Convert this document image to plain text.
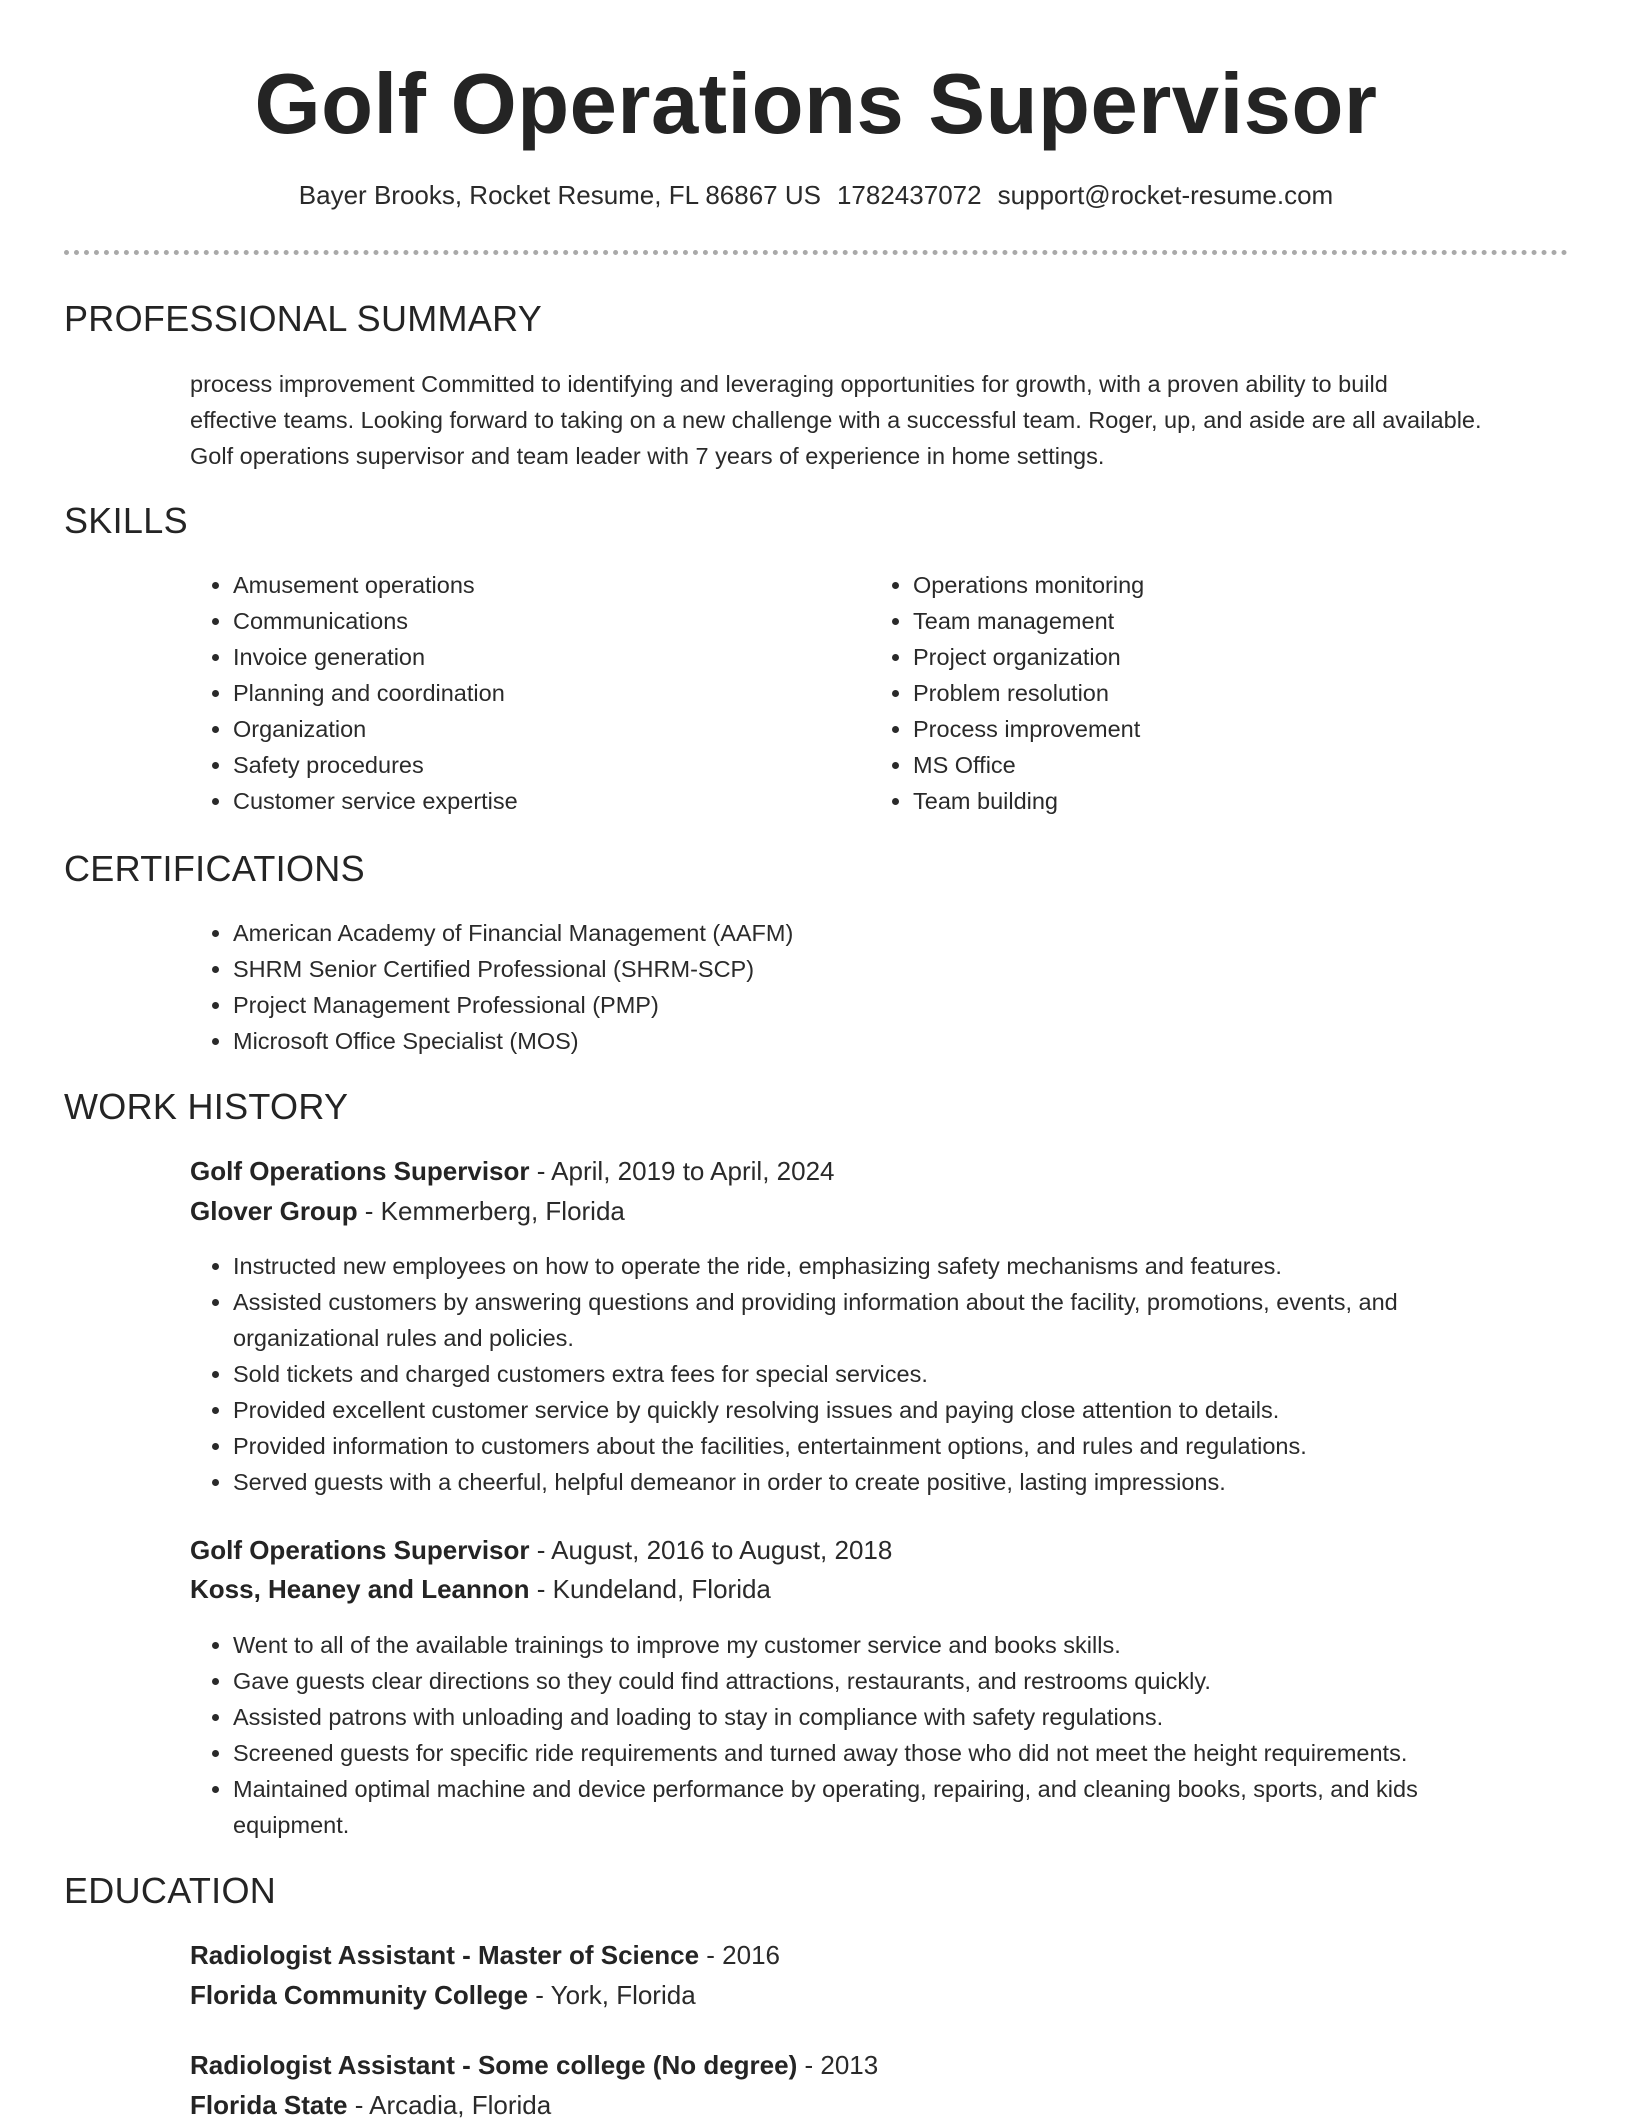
Golf Operations Supervisor
Bayer Brooks, Rocket Resume, FL 86867 US 1782437072 support@rocket-resume.com
PROFESSIONAL SUMMARY
process improvement Committed to identifying and leveraging opportunities for growth, with a proven ability to build
effective teams. Looking forward to taking on a new challenge with a successful team. Roger, up, and aside are all available.
Golf operations supervisor and team leader with 7 years of experience in home settings.
SKILLS
• Amusement operations
• Communications
• Invoice generation
• Planning and coordination
• Organization
• Safety procedures
• Customer service expertise
• Operations monitoring
• Team management
• Project organization
• Problem resolution
• Process improvement
• MS Office
• Team building
CERTIFICATIONS
• American Academy of Financial Management (AAFM)
• SHRM Senior Certified Professional (SHRM-SCP)
• Project Management Professional (PMP)
• Microsoft Office Specialist (MOS)
WORK HISTORY
Golf Operations Supervisor - April, 2019 to April, 2024
Glover Group - Kemmerberg, Florida
• Instructed new employees on how to operate the ride, emphasizing safety mechanisms and features.
• Assisted customers by answering questions and providing information about the facility, promotions, events, and
organizational rules and policies.
• Sold tickets and charged customers extra fees for special services.
• Provided excellent customer service by quickly resolving issues and paying close attention to details.
• Provided information to customers about the facilities, entertainment options, and rules and regulations.
• Served guests with a cheerful, helpful demeanor in order to create positive, lasting impressions.
Golf Operations Supervisor - August, 2016 to August, 2018
Koss, Heaney and Leannon - Kundeland, Florida
• Went to all of the available trainings to improve my customer service and books skills.
• Gave guests clear directions so they could find attractions, restaurants, and restrooms quickly.
• Assisted patrons with unloading and loading to stay in compliance with safety regulations.
• Screened guests for specific ride requirements and turned away those who did not meet the height requirements.
• Maintained optimal machine and device performance by operating, repairing, and cleaning books, sports, and kids
equipment.
EDUCATION
Radiologist Assistant - Master of Science - 2016
Florida Community College - York, Florida
Radiologist Assistant - Some college (No degree) - 2013
Florida State - Arcadia, Florida
